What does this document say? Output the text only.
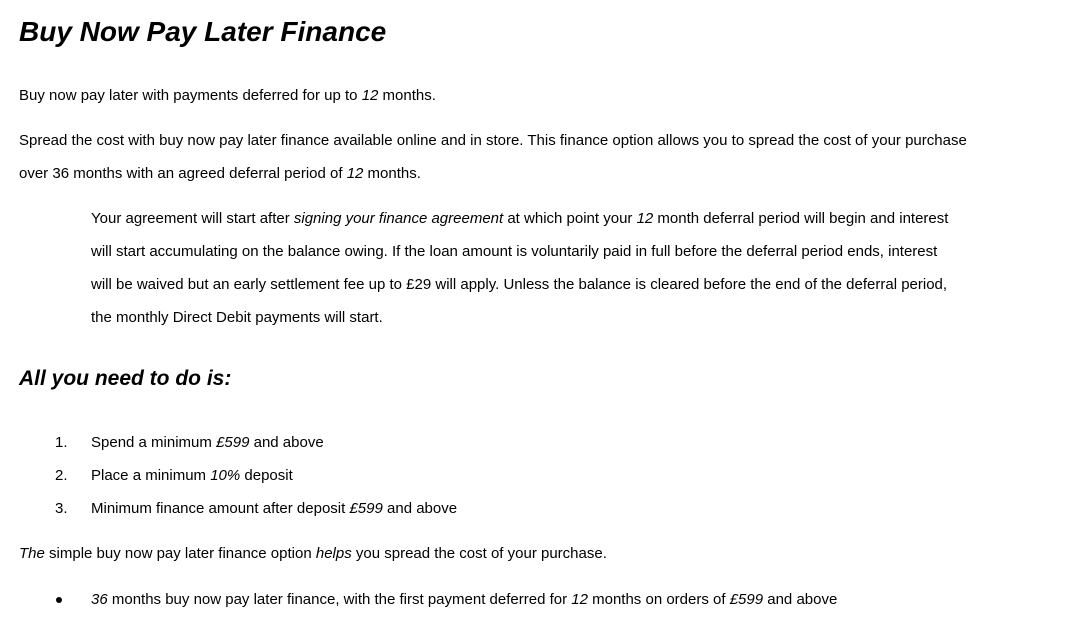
Buy Now Pay Later Finance

Buy now pay later with payments deferred for up to 12 months.

Spread the cost with buy now pay later finance available online and in store. This finance option allows you to spread the cost of your purchase

over 36 months with an agreed deferral period of 12 months.

Your agreement will start after signing your finance agreement at which point your 12 month deferral period will begin and interest

will start accumulating on the balance owing. If the loan amount is voluntarily paid in full before the deferral period ends, interest

will be waived but an early settlement fee up to £29 will apply. Unless the balance is cleared before the end of the deferral period,

the monthly Direct Debit payments will start.

All you need to do is:
1. Spend a minimum £599 and above

2. Place a minimum 10% deposit

3. Minimum finance amount after deposit £599 and above

The simple buy now pay later finance option helps you spread the cost of your purchase.

36 months buy now pay later finance, with the first payment deferred for 12 months on orders of £599 and above
